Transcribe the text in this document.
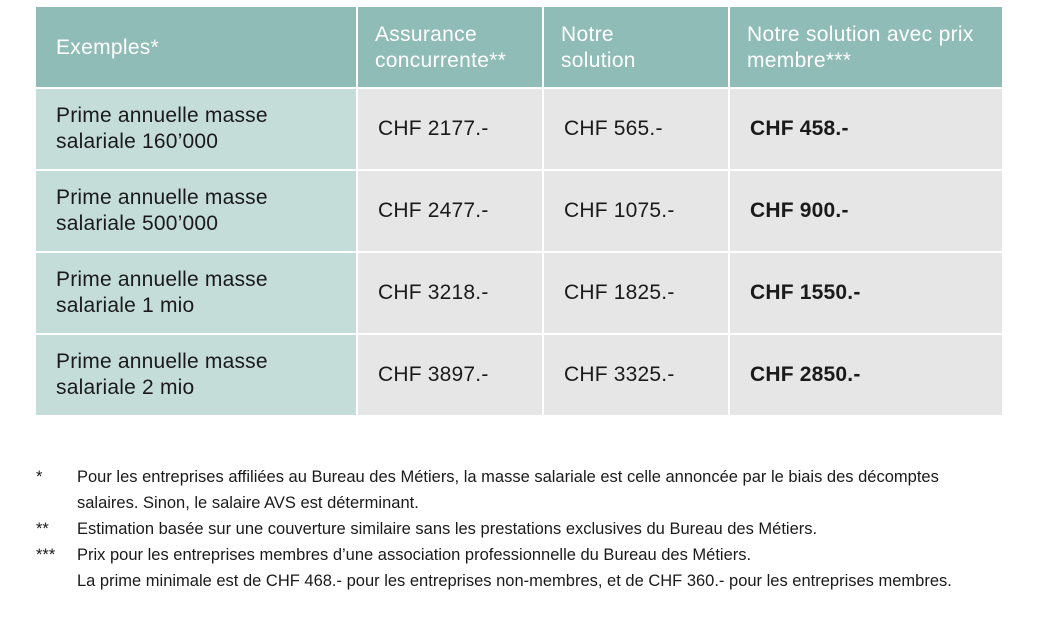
Exemples*	Assurance concurrente**	Notre solution	Notre solution avec prix membre***

Prime annuelle masse salariale 160’000	CHF 2177.-	CHF 565.-	CHF 458.-

Prime annuelle masse salariale 500’000	CHF 2477.-	CHF 1075.-	CHF 900.-

Prime annuelle masse salariale 1 mio	CHF 3218.-	CHF 1825.-	CHF 1550.-

Prime annuelle masse salariale 2 mio	CHF 3897.-	CHF 3325.-	CHF 2850.-
*	Pour les entreprises affiliées au Bureau des Métiers, la masse salariale est celle annoncée par le biais des décomptes salaires. Sinon, le salaire AVS est déterminant.
**	Estimation basée sur une couverture similaire sans les prestations exclusives du Bureau des Métiers.
***	Prix pour les entreprises membres d’une association professionnelle du Bureau des Métiers.
La prime minimale est de CHF 468.- pour les entreprises non-membres, et de CHF 360.- pour les entreprises membres.
